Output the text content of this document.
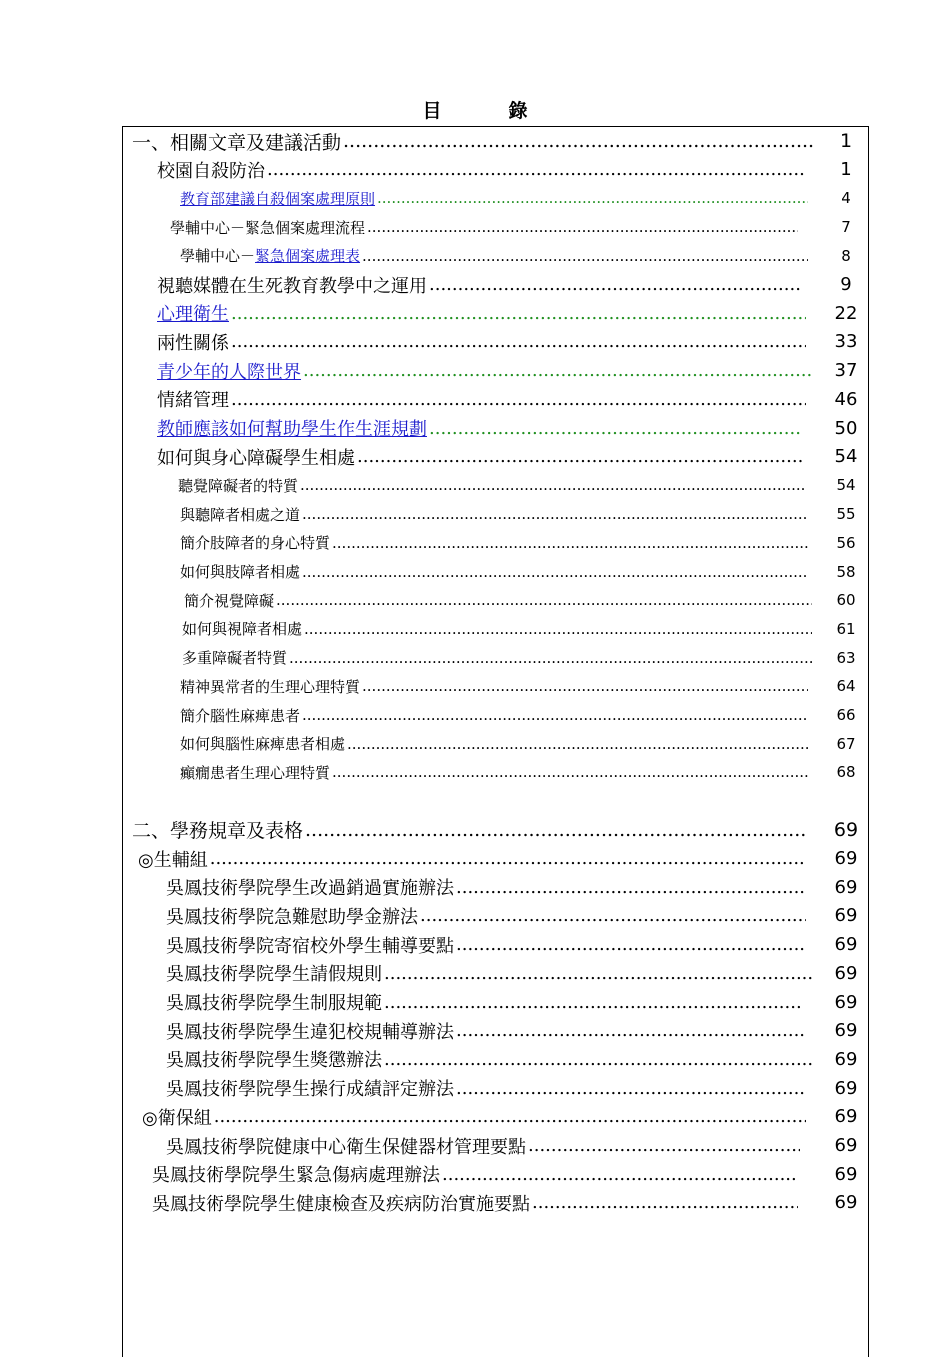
目　錄
一、相關文章及建議活動 .....	1
校園自殺防治 .....	1
教育部建議自殺個案處理原則 .....	4
學輔中心－緊急個案處理流程 .....	7
學輔中心－緊急個案處理表 .....	8
視聽媒體在生死教育教學中之運用 .....	9
心理衛生 .....	22
兩性關係 .....	33
青少年的人際世界 .....	37
情緒管理 .....	46
教師應該如何幫助學生作生涯規劃 .....	50
如何與身心障礙學生相處 .....	54
聽覺障礙者的特質 .....	54
與聽障者相處之道 .....	55
簡介肢障者的身心特質 .....	56
如何與肢障者相處 .....	58
簡介視覺障礙 .....	60
如何與視障者相處 .....	61
多重障礙者特質 .....	63
精神異常者的生理心理特質 .....	64
簡介腦性麻痺患者 .....	66
如何與腦性麻痺患者相處 .....	67
癲癇患者生理心理特質 .....	68
二、學務規章及表格 .....	69
◎生輔組 .....	69
吳鳳技術學院學生改過銷過實施辦法 .....	69
吳鳳技術學院急難慰助學金辦法 .....	69
吳鳳技術學院寄宿校外學生輔導要點 .....	69
吳鳳技術學院學生請假規則 .....	69
吳鳳技術學院學生制服規範 .....	69
吳鳳技術學院學生違犯校規輔導辦法 .....	69
吳鳳技術學院學生獎懲辦法 .....	69
吳鳳技術學院學生操行成績評定辦法 .....	69
◎衛保組 .....	69
吳鳳技術學院健康中心衛生保健器材管理要點 .....	69
吳鳳技術學院學生緊急傷病處理辦法 .....	69
吳鳳技術學院學生健康檢查及疾病防治實施要點 .....	69
